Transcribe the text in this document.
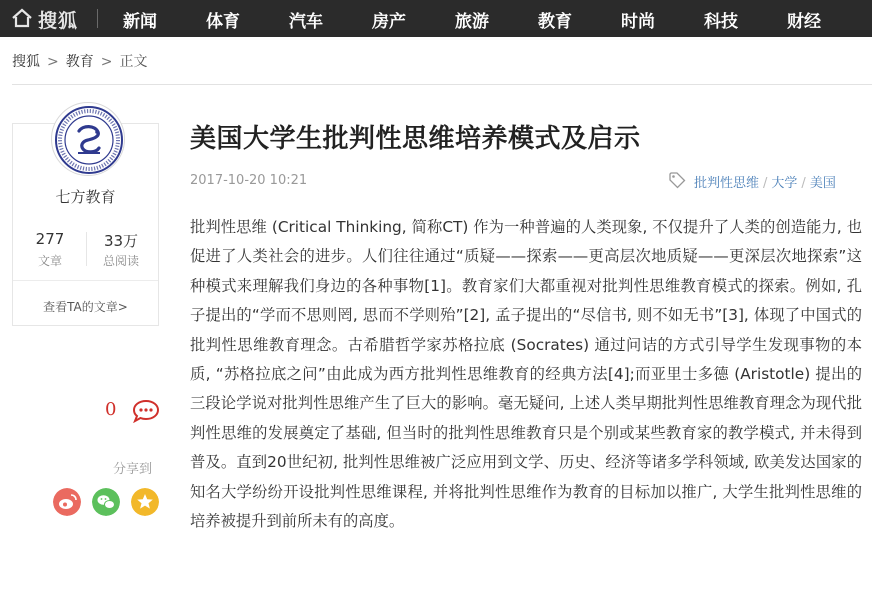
搜狐	新闻	体育	汽车	房产	旅游	教育	时尚	科技	财经
搜狐 > 教育 > 正文
七方教育
277
文章
33万
总阅读
查看TA的文章>
0
分享到
美国大学生批判性思维培养模式及启示
2017-10-20 10:21	批判性思维 / 大学 / 美国

批判性思维 (Critical Thinking, 简称CT) 作为一种普遍的人类现象, 不仅提升了人类的创造能力, 也促进了人类社会的进步。人们往往通过“质疑——探索——更高层次地质疑——更深层次地探索”这种模式来理解我们身边的各种事物[1]。教育家们大都重视对批判性思维教育模式的探索。例如, 孔子提出的“学而不思则罔, 思而不学则殆”[2], 孟子提出的“尽信书, 则不如无书”[3], 体现了中国式的批判性思维教育理念。古希腊哲学家苏格拉底 (Socrates) 通过问诘的方式引导学生发现事物的本质, “苏格拉底之问”由此成为西方批判性思维教育的经典方法[4];而亚里士多德 (Aristotle) 提出的三段论学说对批判性思维产生了巨大的影响。毫无疑问, 上述人类早期批判性思维教育理念为现代批判性思维的发展奠定了基础, 但当时的批判性思维教育只是个别或某些教育家的教学模式, 并未得到普及。直到20世纪初, 批判性思维被广泛应用到文学、历史、经济等诸多学科领域, 欧美发达国家的知名大学纷纷开设批判性思维课程, 并将批判性思维作为教育的目标加以推广, 大学生批判性思维的培养被提升到前所未有的高度。
